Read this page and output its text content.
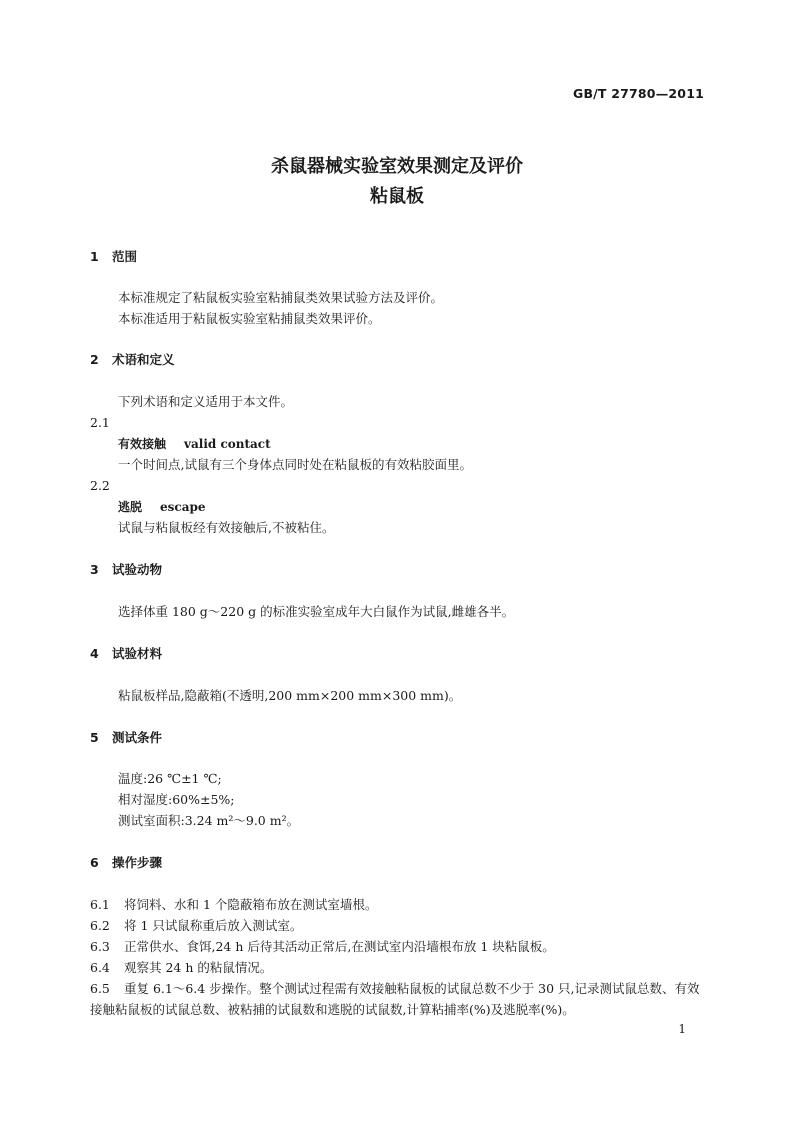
GB/T 27780—2011
杀鼠器械实验室效果测定及评价
粘鼠板
1 范围
本标准规定了粘鼠板实验室粘捕鼠类效果试验方法及评价。
本标准适用于粘鼠板实验室粘捕鼠类效果评价。
2 术语和定义
下列术语和定义适用于本文件。
2.1
有效接触 valid contact
一个时间点,试鼠有三个身体点同时处在粘鼠板的有效粘胶面里。
2.2
逃脱 escape
试鼠与粘鼠板经有效接触后,不被粘住。
3 试验动物
选择体重 180 g～220 g 的标准实验室成年大白鼠作为试鼠,雌雄各半。
4 试验材料
粘鼠板样品,隐蔽箱(不透明,200 mm×200 mm×300 mm)。
5 测试条件
温度:26 ℃±1 ℃;
相对湿度:60%±5%;
测试室面积:3.24 m²～9.0 m²。
6 操作步骤
6.1 将饲料、水和 1 个隐蔽箱布放在测试室墙根。
6.2 将 1 只试鼠称重后放入测试室。
6.3 正常供水、食饵,24 h 后待其活动正常后,在测试室内沿墙根布放 1 块粘鼠板。
6.4 观察其 24 h 的粘鼠情况。
6.5 重复 6.1～6.4 步操作。整个测试过程需有效接触粘鼠板的试鼠总数不少于 30 只,记录测试鼠总数、有效接触粘鼠板的试鼠总数、被粘捕的试鼠数和逃脱的试鼠数,计算粘捕率(%)及逃脱率(%)。
1
